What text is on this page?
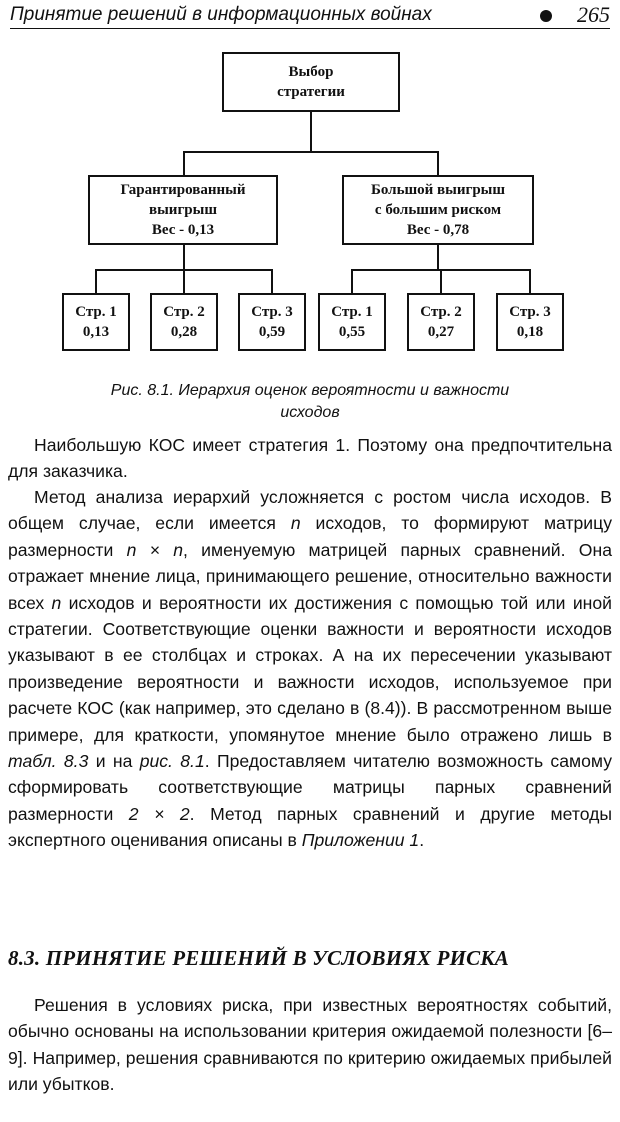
Принятие решений в информационных войнах	265
Выбор
стратегии
Гарантированный
выигрыш
Вес - 0,13
Большой выигрыш
с большим риском
Вес - 0,78
Стр. 1
0,13
Стр. 2
0,28
Стр. 3
0,59
Стр. 1
0,55
Стр. 2
0,27
Стр. 3
0,18
Рис. 8.1. Иерархия оценок вероятности и важности
исходов

Наибольшую КОС имеет стратегия 1. Поэтому она предпочтительна для заказчика.

Метод анализа иерархий усложняется с ростом числа исходов. В общем случае, если имеется n исходов, то формируют матрицу размерности n × n, именуемую матрицей парных сравнений. Она отражает мнение лица, принимающего решение, относительно важности всех n исходов и вероятности их достижения с помощью той или иной стратегии. Соответствующие оценки важности и вероятности исходов указывают в ее столбцах и строках. А на их пересечении указывают произведение вероятности и важности исходов, используемое при расчете КОС (как например, это сделано в (8.4)). В рассмотренном выше примере, для краткости, упомянутое мнение было отражено лишь в табл. 8.3 и на рис. 8.1. Предоставляем читателю возможность самому сформировать соответствующие матрицы парных сравнений размерности 2 × 2. Метод парных сравнений и другие методы экспертного оценивания описаны в Приложении 1.

8.3. ПРИНЯТИЕ РЕШЕНИЙ В УСЛОВИЯХ РИСКА

Решения в условиях риска, при известных вероятностях событий, обычно основаны на использовании критерия ожидаемой полезности [6–9]. Например, решения сравниваются по критерию ожидаемых прибылей или убытков.
